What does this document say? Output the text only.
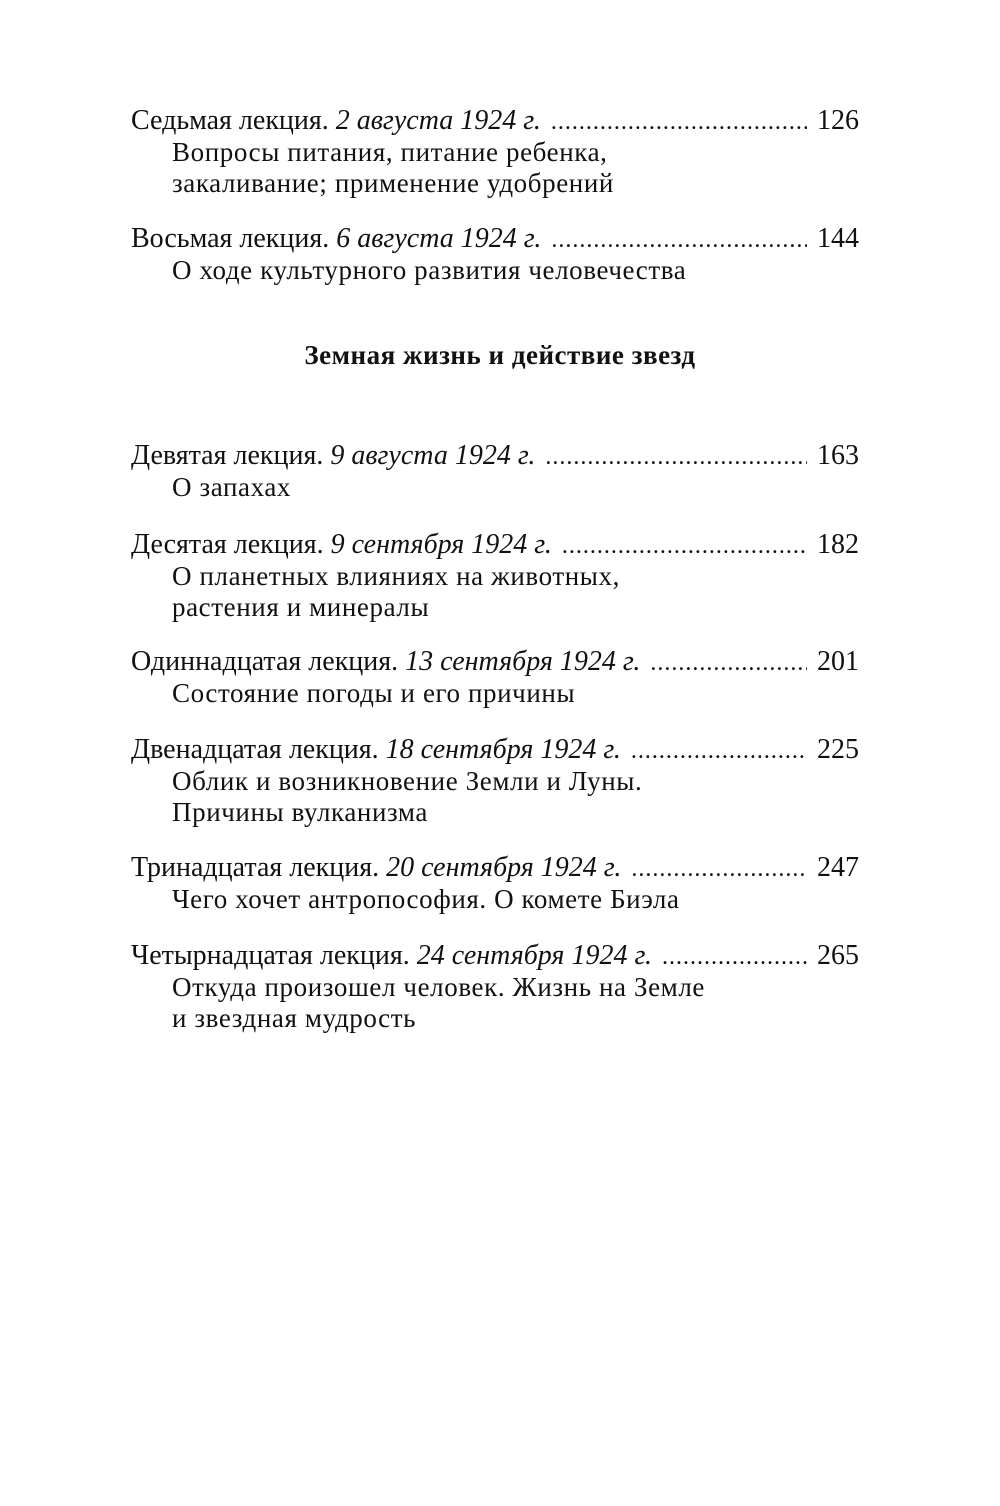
Земная жизнь и действие звезд
Седьмая лекция. 2 августа 1924 г. .....	126
Вопросы питания, питание ребенка,
закаливание; применение удобрений
Восьмая лекция. 6 августа 1924 г. .....	144
О ходе культурного развития человечества
Девятая лекция. 9 августа 1924 г. .....	163
О запахах
Десятая лекция. 9 сентября 1924 г. .....	182
О планетных влияниях на животных,
растения и минералы
Одиннадцатая лекция. 13 сентября 1924 г. .....	201
Состояние погоды и его причины
Двенадцатая лекция. 18 сентября 1924 г. .....	225
Облик и возникновение Земли и Луны.
Причины вулканизма
Тринадцатая лекция. 20 сентября 1924 г. .....	247
Чего хочет антропософия. О комете Биэла
Четырнадцатая лекция. 24 сентября 1924 г. .....	265
Откуда произошел человек. Жизнь на Земле
и звездная мудрость
